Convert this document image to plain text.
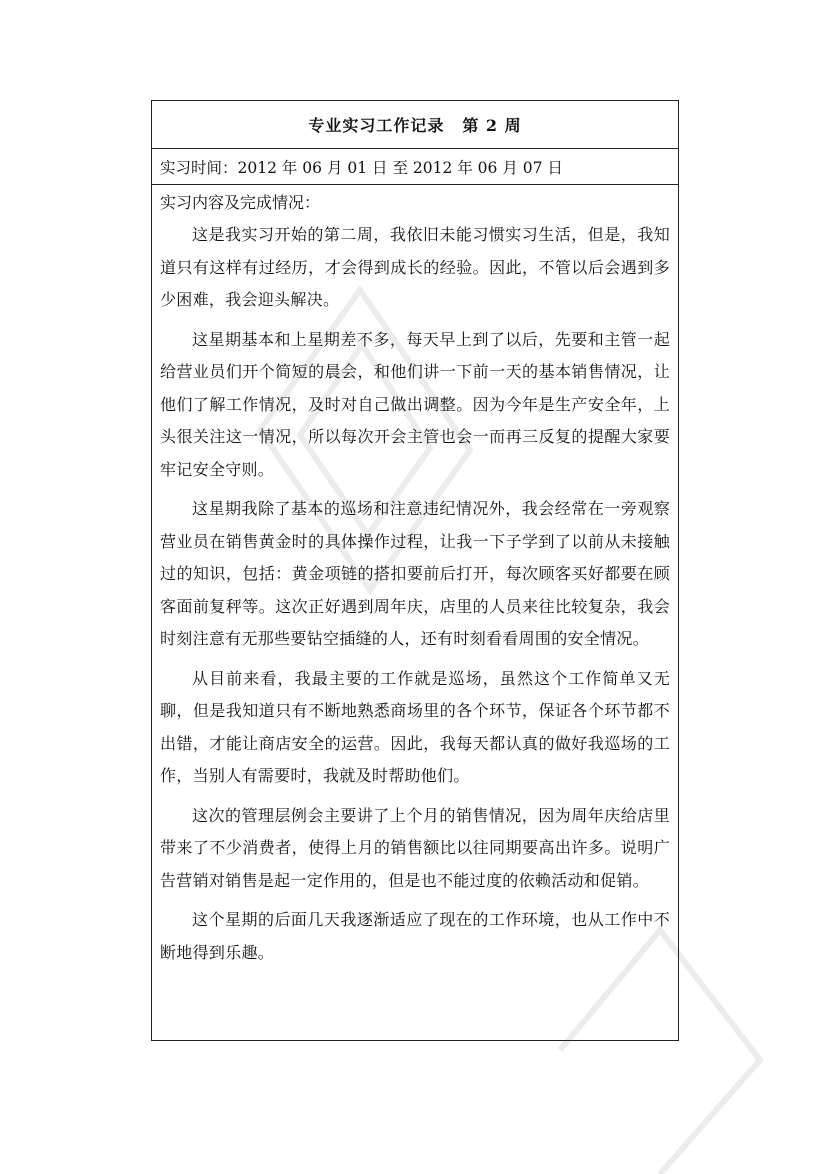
专业实习工作记录 第 2 周
实习时间：2012 年 06 月 01 日 至 2012 年 06 月 07 日
实习内容及完成情况：

这是我实习开始的第二周，我依旧未能习惯实习生活，但是，我知道只有这样有过经历，才会得到成长的经验。因此，不管以后会遇到多少困难，我会迎头解决。

这星期基本和上星期差不多，每天早上到了以后，先要和主管一起给营业员们开个简短的晨会，和他们讲一下前一天的基本销售情况，让他们了解工作情况，及时对自己做出调整。因为今年是生产安全年，上头很关注这一情况，所以每次开会主管也会一而再三反复的提醒大家要牢记安全守则。

这星期我除了基本的巡场和注意违纪情况外，我会经常在一旁观察营业员在销售黄金时的具体操作过程，让我一下子学到了以前从未接触过的知识，包括：黄金项链的搭扣要前后打开，每次顾客买好都要在顾客面前复秤等。这次正好遇到周年庆，店里的人员来往比较复杂，我会时刻注意有无那些要钻空插缝的人，还有时刻看看周围的安全情况。

从目前来看，我最主要的工作就是巡场，虽然这个工作简单又无聊，但是我知道只有不断地熟悉商场里的各个环节，保证各个环节都不出错，才能让商店安全的运营。因此，我每天都认真的做好我巡场的工作，当别人有需要时，我就及时帮助他们。

这次的管理层例会主要讲了上个月的销售情况，因为周年庆给店里带来了不少消费者，使得上月的销售额比以往同期要高出许多。说明广告营销对销售是起一定作用的，但是也不能过度的依赖活动和促销。

这个星期的后面几天我逐渐适应了现在的工作环境，也从工作中不断地得到乐趣。
